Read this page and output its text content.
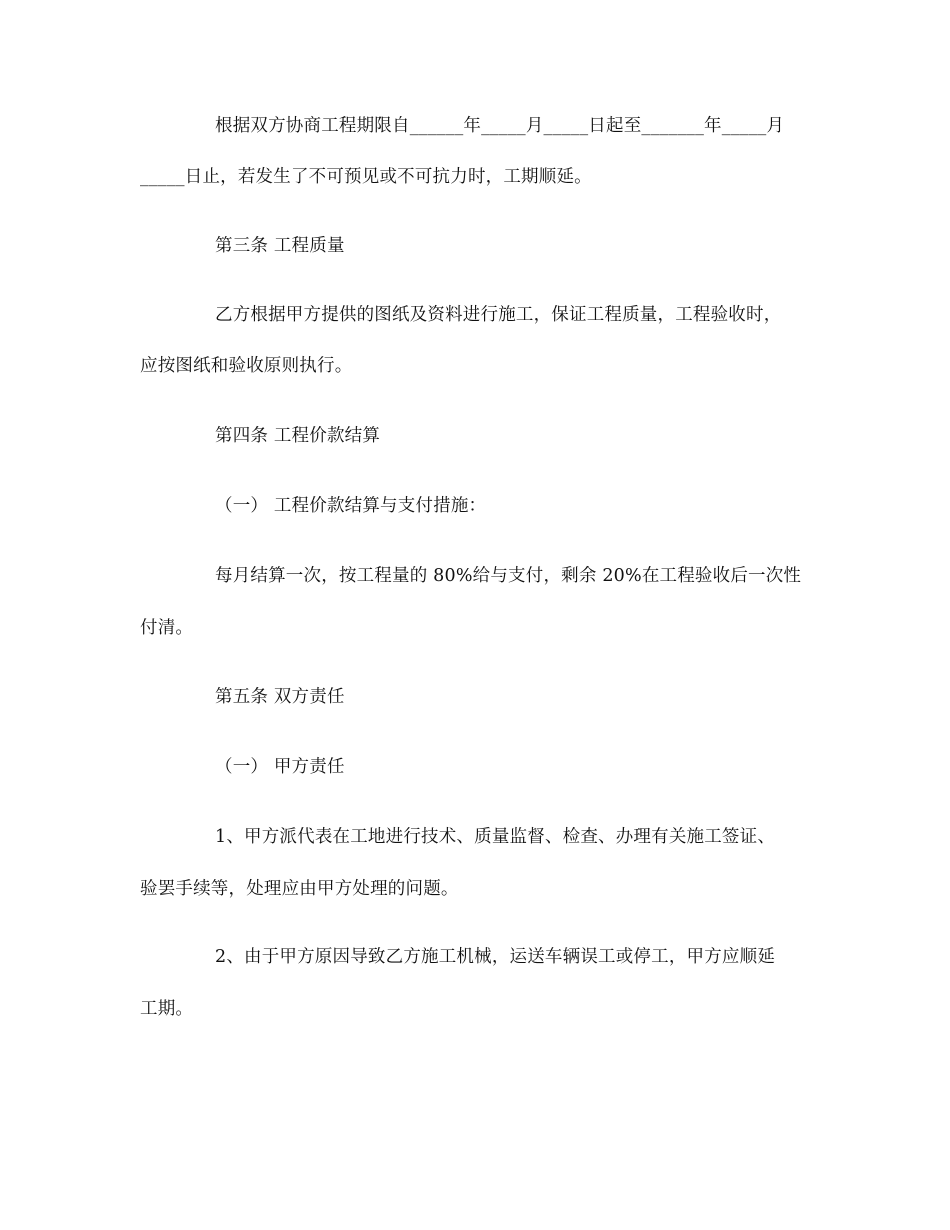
根据双方协商工程期限自______年_____月_____日起至_______年_____月
_____日止，若发生了不可预见或不可抗力时，工期顺延。
第三条 工程质量
乙方根据甲方提供的图纸及资料进行施工，保证工程质量，工程验收时，
应按图纸和验收原则执行。
第四条 工程价款结算
（一） 工程价款结算与支付措施：
每月结算一次，按工程量的 80%给与支付，剩余 20%在工程验收后一次性
付清。
第五条 双方责任
（一） 甲方责任
1、甲方派代表在工地进行技术、质量监督、检查、办理有关施工签证、
验罢手续等，处理应由甲方处理的问题。
2、由于甲方原因导致乙方施工机械，运送车辆误工或停工，甲方应顺延
工期。
